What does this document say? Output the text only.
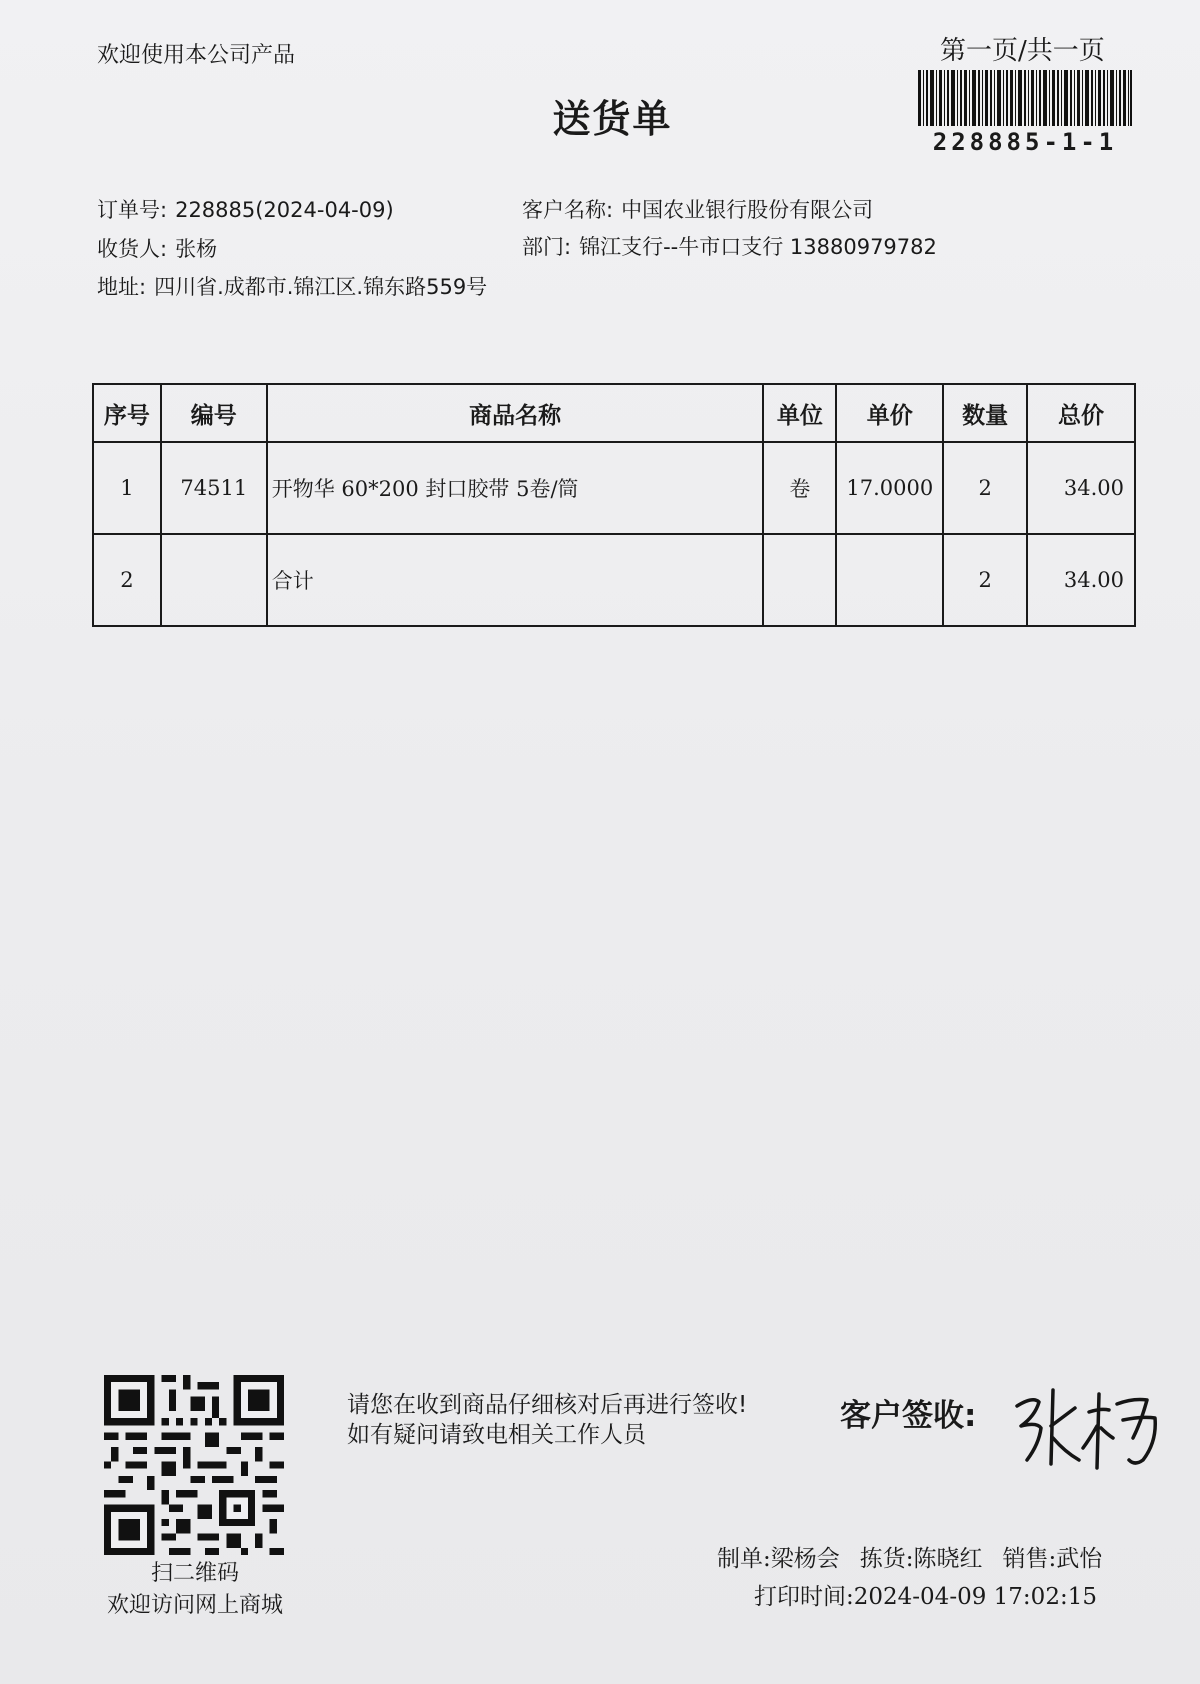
欢迎使用本公司产品	第一页/共一页
228885-1-1
送货单
订单号: 228885(2024-04-09)	客户名称: 中国农业银行股份有限公司
收货人: 张杨	部门: 锦江支行--牛市口支行 13880979782
地址: 四川省.成都市.锦江区.锦东路559号
序号	编号	商品名称	单位	单价	数量	总价
1	74511	开物华 60*200 封口胶带 5卷/筒	卷	17.0000	2	34.00
2		合计			2	34.00
扫二维码
欢迎访问网上商城
请您在收到商品仔细核对后再进行签收!如有疑问请致电相关工作人员
客户签收:
制单:梁杨会 拣货:陈晓红 销售:武怡
打印时间:2024-04-09 17:02:15
